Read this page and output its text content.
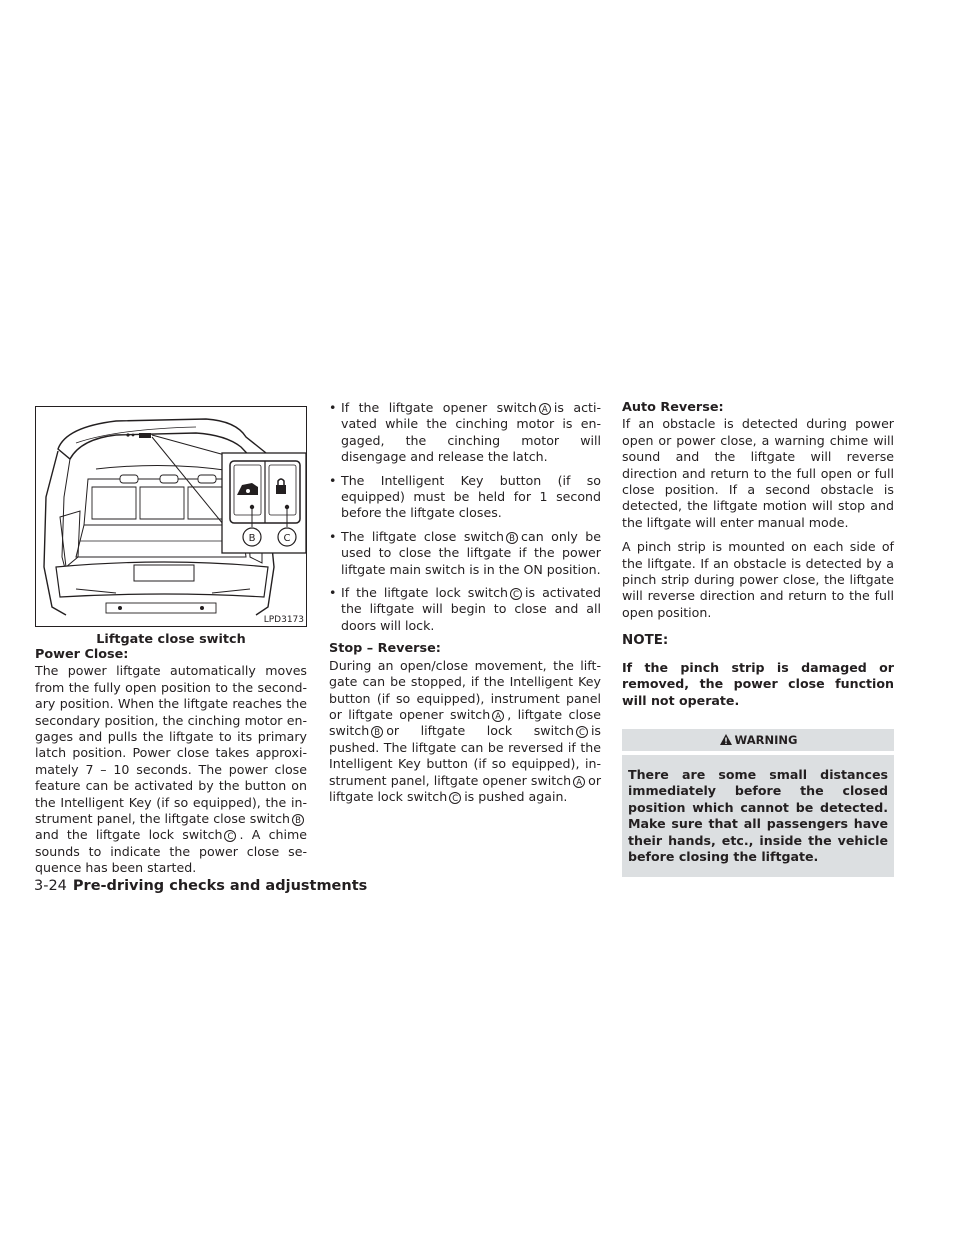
B	C
LPD3173
Liftgate close switch
Power Close:

The power liftgate automatically moves from the fully open position to the secondary position. When the liftgate reaches the secondary position, the cinching motor engages and pulls the liftgate to its primary latch position. Power close takes approximately 7 – 10 seconds. The power close feature can be activated by the button on the Intelligent Key (if so equipped), the instrument panel, the liftgate close switch Band the liftgate lock switch C . A chime sounds to indicate the power close sequence has been started.

• If the liftgate opener switch A is activated while the cinching motor is engaged, the cinching motor will disengage and release the latch.
• The Intelligent Key button (if so equipped) must be held for 1 second before the liftgate closes.
• The liftgate close switch B can only be used to close the liftgate if the power liftgate main switch is in the ON position.
• If the liftgate lock switch C is activated the liftgate will begin to close and all doors will lock.
Stop – Reverse:

During an open/close movement, the liftgate can be stopped, if the Intelligent Key button (if so equipped), instrument panel or liftgate opener switch A , liftgate close switch B or liftgate lock switch C is pushed. The liftgate can be reversed if the Intelligent Key button (if so equipped), instrument panel, liftgate opener switch A or liftgate lock switch C is pushed again.

Auto Reverse:

If an obstacle is detected during power open or power close, a warning chime will sound and the liftgate will reverse direction and return to the full open or full close position. If a second obstacle is detected, the liftgate motion will stop and the liftgate will enter manual mode.

A pinch strip is mounted on each side of the liftgate. If an obstacle is detected by a pinch strip during power close, the liftgate will reverse direction and return to the full open position.

NOTE:
If the pinch strip is damaged or removed, the power close function will not operate.
WARNING
There are some small distances immediately before the closed position which cannot be detected. Make sure that all passengers have their hands, etc., inside the vehicle before closing the liftgate.
3-24 Pre-driving checks and adjustments
